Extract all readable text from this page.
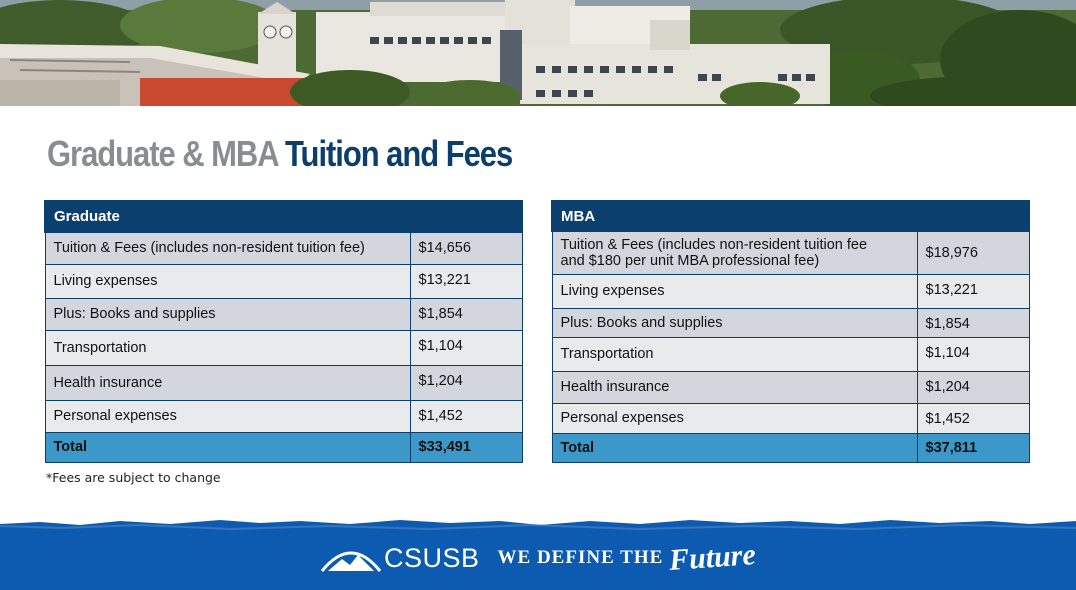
Graduate & MBA Tuition and Fees
Graduate	
Tuition & Fees (includes non-resident tuition fee)	$14,656
Living expenses	$13,221
Plus: Books and supplies	$1,854
Transportation	$1,104
Health insurance	$1,204
Personal expenses	$1,452
Total	$33,491
MBA	
Tuition & Fees (includes non-resident tuition fee
and $180 per unit MBA professional fee)	$18,976
Living expenses	$13,221
Plus: Books and supplies	$1,854
Transportation	$1,104
Health insurance	$1,204
Personal expenses	$1,452
Total	$37,811
*Fees are subject to change
CSUSB WE DEFINE THE Future
